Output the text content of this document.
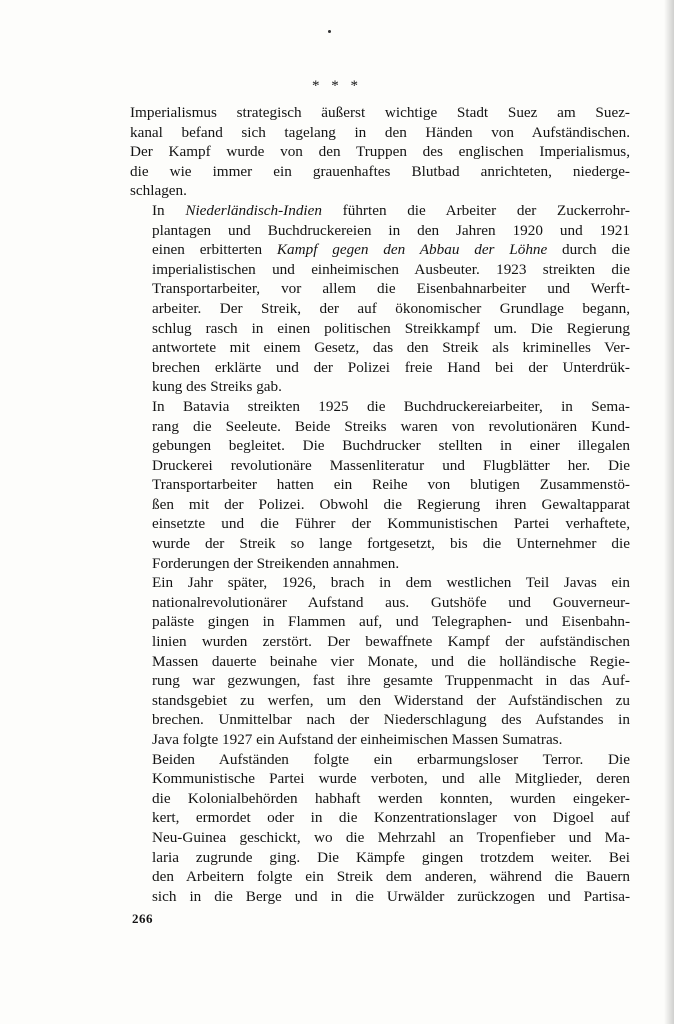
* * *

Imperialismus strategisch äußerst wichtige Stadt Suez am Suez-
kanal befand sich tagelang in den Händen von Aufständischen.
Der Kampf wurde von den Truppen des englischen Imperialismus,
die wie immer ein grauenhaftes Blutbad anrichteten, niederge-
schlagen.

In Niederländisch-Indien führten die Arbeiter der Zuckerrohr-
plantagen und Buchdruckereien in den Jahren 1920 und 1921
einen erbitterten Kampf gegen den Abbau der Löhne durch die
imperialistischen und einheimischen Ausbeuter. 1923 streikten die
Transportarbeiter, vor allem die Eisenbahnarbeiter und Werft-
arbeiter. Der Streik, der auf ökonomischer Grundlage begann,
schlug rasch in einen politischen Streikkampf um. Die Regierung
antwortete mit einem Gesetz, das den Streik als kriminelles Ver-
brechen erklärte und der Polizei freie Hand bei der Unterdrük-
kung des Streiks gab.

In Batavia streikten 1925 die Buchdruckereiarbeiter, in Sema-
rang die Seeleute. Beide Streiks waren von revolutionären Kund-
gebungen begleitet. Die Buchdrucker stellten in einer illegalen
Druckerei revolutionäre Massenliteratur und Flugblätter her. Die
Transportarbeiter hatten ein Reihe von blutigen Zusammenstö-
ßen mit der Polizei. Obwohl die Regierung ihren Gewaltapparat
einsetzte und die Führer der Kommunistischen Partei verhaftete,
wurde der Streik so lange fortgesetzt, bis die Unternehmer die
Forderungen der Streikenden annahmen.

Ein Jahr später, 1926, brach in dem westlichen Teil Javas ein
nationalrevolutionärer Aufstand aus. Gutshöfe und Gouverneur-
paläste gingen in Flammen auf, und Telegraphen- und Eisenbahn-
linien wurden zerstört. Der bewaffnete Kampf der aufständischen
Massen dauerte beinahe vier Monate, und die holländische Regie-
rung war gezwungen, fast ihre gesamte Truppenmacht in das Auf-
standsgebiet zu werfen, um den Widerstand der Aufständischen zu
brechen. Unmittelbar nach der Niederschlagung des Aufstandes in
Java folgte 1927 ein Aufstand der einheimischen Massen Sumatras.

Beiden Aufständen folgte ein erbarmungsloser Terror. Die
Kommunistische Partei wurde verboten, und alle Mitglieder, deren
die Kolonialbehörden habhaft werden konnten, wurden eingeker-
kert, ermordet oder in die Konzentrationslager von Digoel auf
Neu-Guinea geschickt, wo die Mehrzahl an Tropenfieber und Ma-
laria zugrunde ging. Die Kämpfe gingen trotzdem weiter. Bei
den Arbeitern folgte ein Streik dem anderen, während die Bauern
sich in die Berge und in die Urwälder zurückzogen und Partisa-

266
